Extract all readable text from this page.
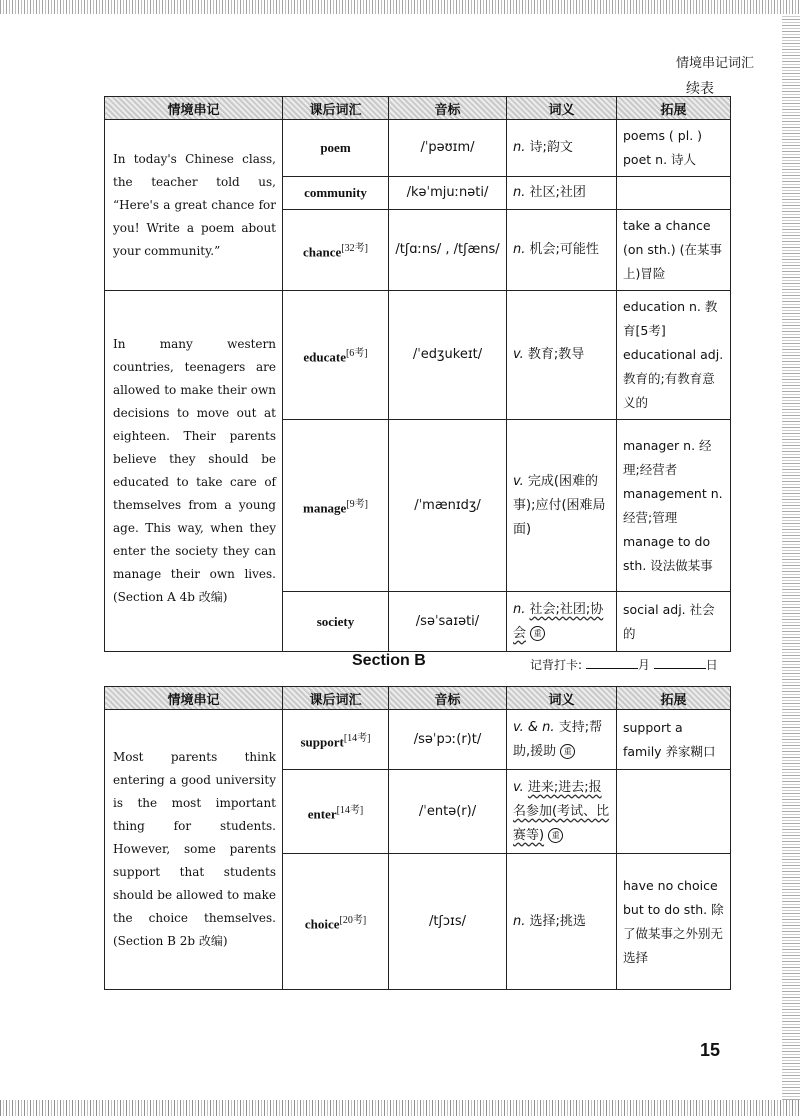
情境串记词汇
续表
情境串记	课后词汇	音标	词义	拓展
In today's Chinese class, the teacher told us, “Here's a great chance for you! Write a poem about your community.”	poem	/ˈpəʊɪm/	n. 诗;韵文	poems ( pl. ) poet n. 诗人
	community	/kəˈmjuːnəti/	n. 社区;社团	
	chance[32考]	/tʃɑːns/ , /tʃæns/	n. 机会;可能性	take a chance (on sth.) (在某事上)冒险
In many western countries, teenagers are allowed to make their own decisions to move out at eighteen. Their parents believe they should be educated to take care of themselves from a young age. This way, when they enter the society they can manage their own lives. (Section A 4b 改编)	educate[6考]	/ˈedʒukeɪt/	v. 教育;教导	education n. 教育[5考] educational adj. 教育的;有教育意义的
	manage[9考]	/ˈmænɪdʒ/	v. 完成(困难的事);应付(困难局面)	manager n. 经理;经营者 management n. 经营;管理 manage to do sth. 设法做某事
	society	/səˈsaɪəti/	n. 社会;社团;协会 重	social adj. 社会的
Section B	记背打卡:	月	日
情境串记	课后词汇	音标	词义	拓展
Most parents think entering a good university is the most important thing for students. However, some parents support that students should be allowed to make the choice themselves. (Section B 2b 改编)	support[14考]	/səˈpɔː(r)t/	v. & n. 支持;帮助,援助 重	support a family 养家糊口
	enter[14考]	/ˈentə(r)/	v. 进来;进去;报名参加(考试、比赛等) 重	
	choice[20考]	/tʃɔɪs/	n. 选择;挑选	have no choice but to do sth. 除了做某事之外别无选择
15
